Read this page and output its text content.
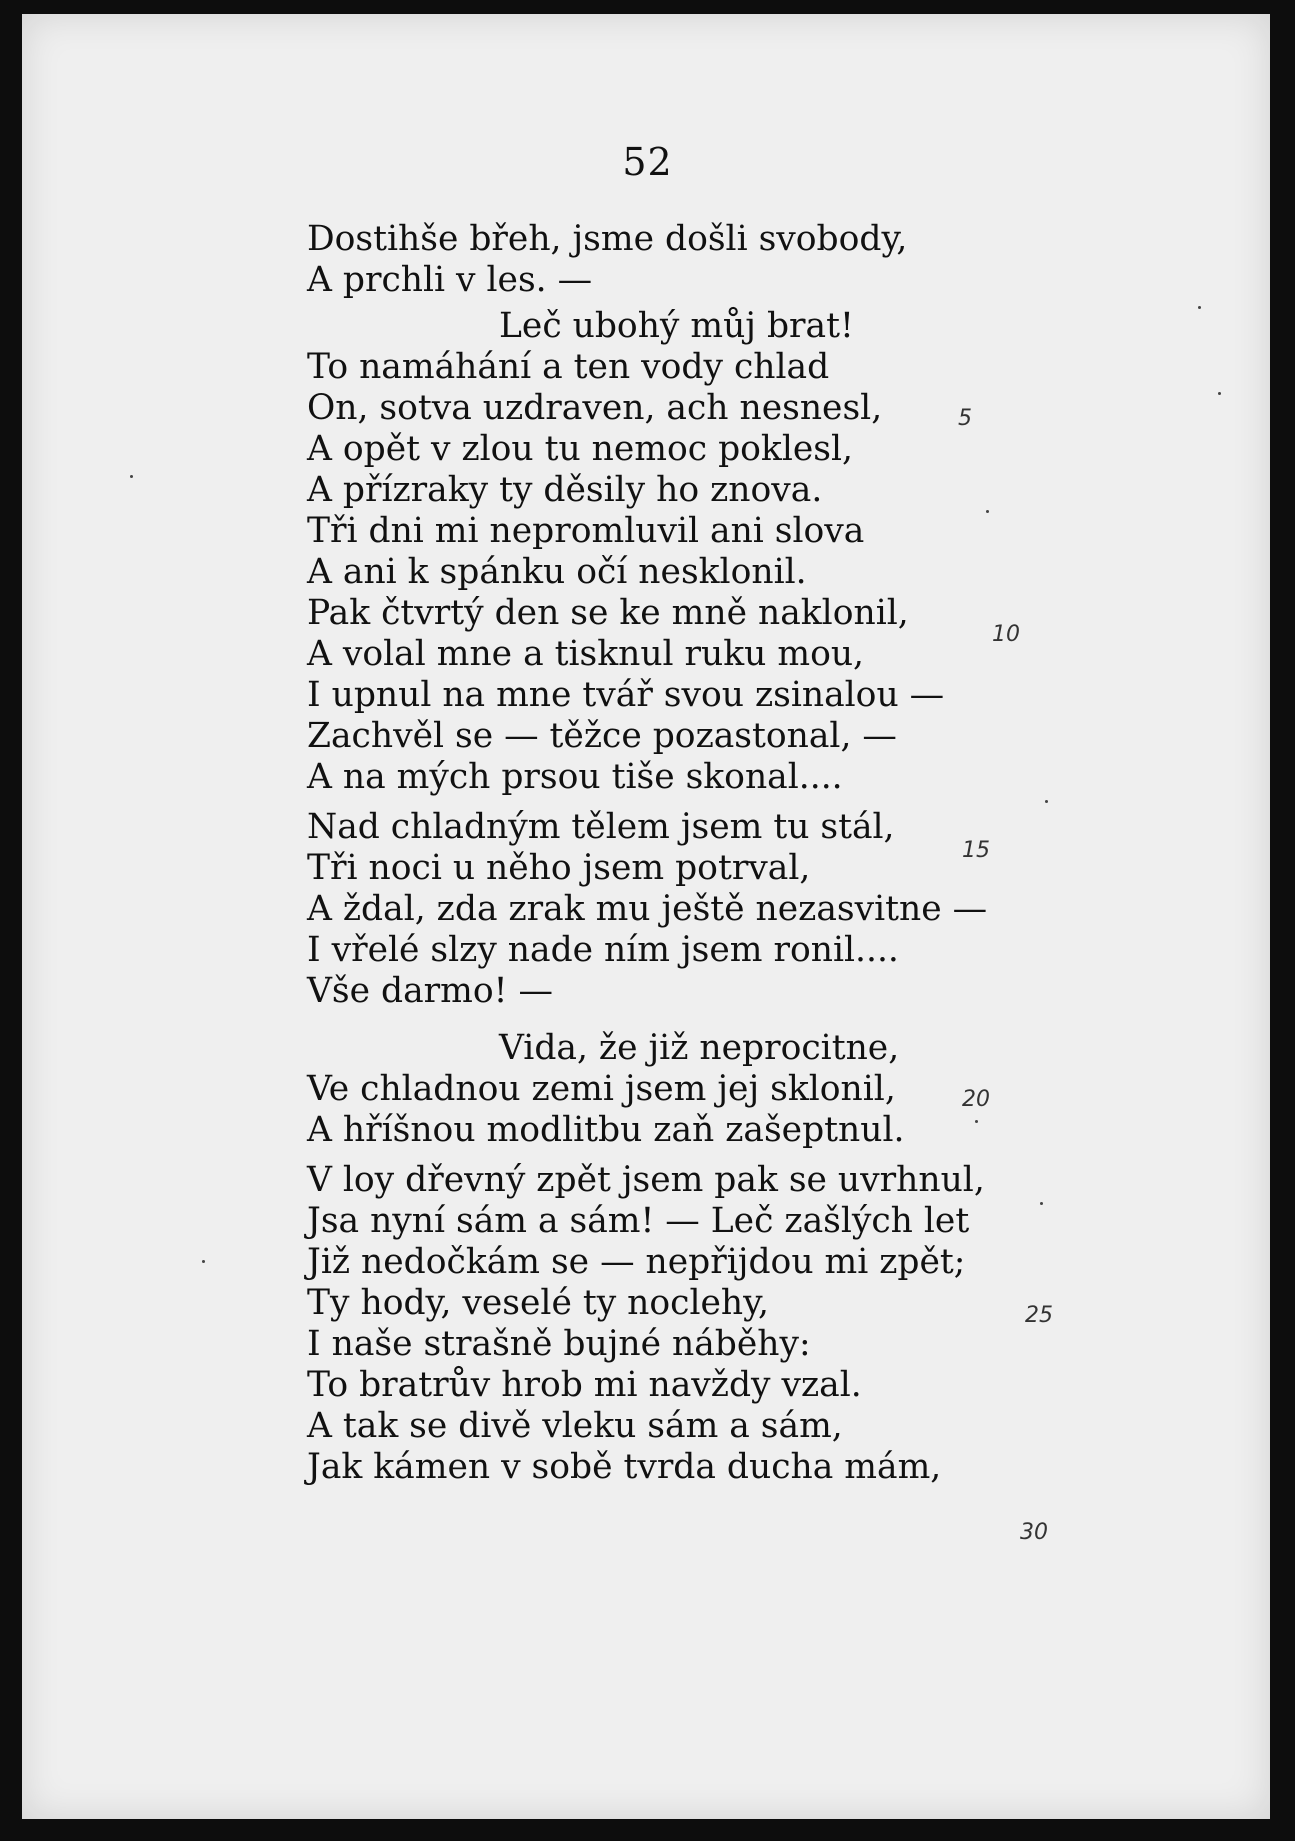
52
Dostihše břeh, jsme došli svobody,
A prchli v les. —
Leč ubohý můj brat!
To namáhání a ten vody chlad
On, sotva uzdraven, ach nesnesl,
A opět v zlou tu nemoc poklesl,
A přízraky ty děsily ho znova.
Tři dni mi nepromluvil ani slova
A ani k spánku očí nesklonil.
Pak čtvrtý den se ke mně naklonil,
A volal mne a tisknul ruku mou,
I upnul na mne tvář svou zsinalou —
Zachvěl se — těžce pozastonal, —
A na mých prsou tiše skonal....
Nad chladným tělem jsem tu stál,
Tři noci u něho jsem potrval,
A ždal, zda zrak mu ještě nezasvitne —
I vřelé slzy nade ním jsem ronil....
Vše darmo! —
Vida, že již neprocitne,
Ve chladnou zemi jsem jej sklonil,
A hříšnou modlitbu zaň zašeptnul.
V loy dřevný zpět jsem pak se uvrhnul,
Jsa nyní sám a sám! — Leč zašlých let
Již nedočkám se — nepřijdou mi zpět;
Ty hody, veselé ty noclehy,
I naše strašně bujné náběhy:
To bratrův hrob mi navždy vzal.
A tak se divě vleku sám a sám,
Jak kámen v sobě tvrda ducha mám,
5
10
15
20
25
30
